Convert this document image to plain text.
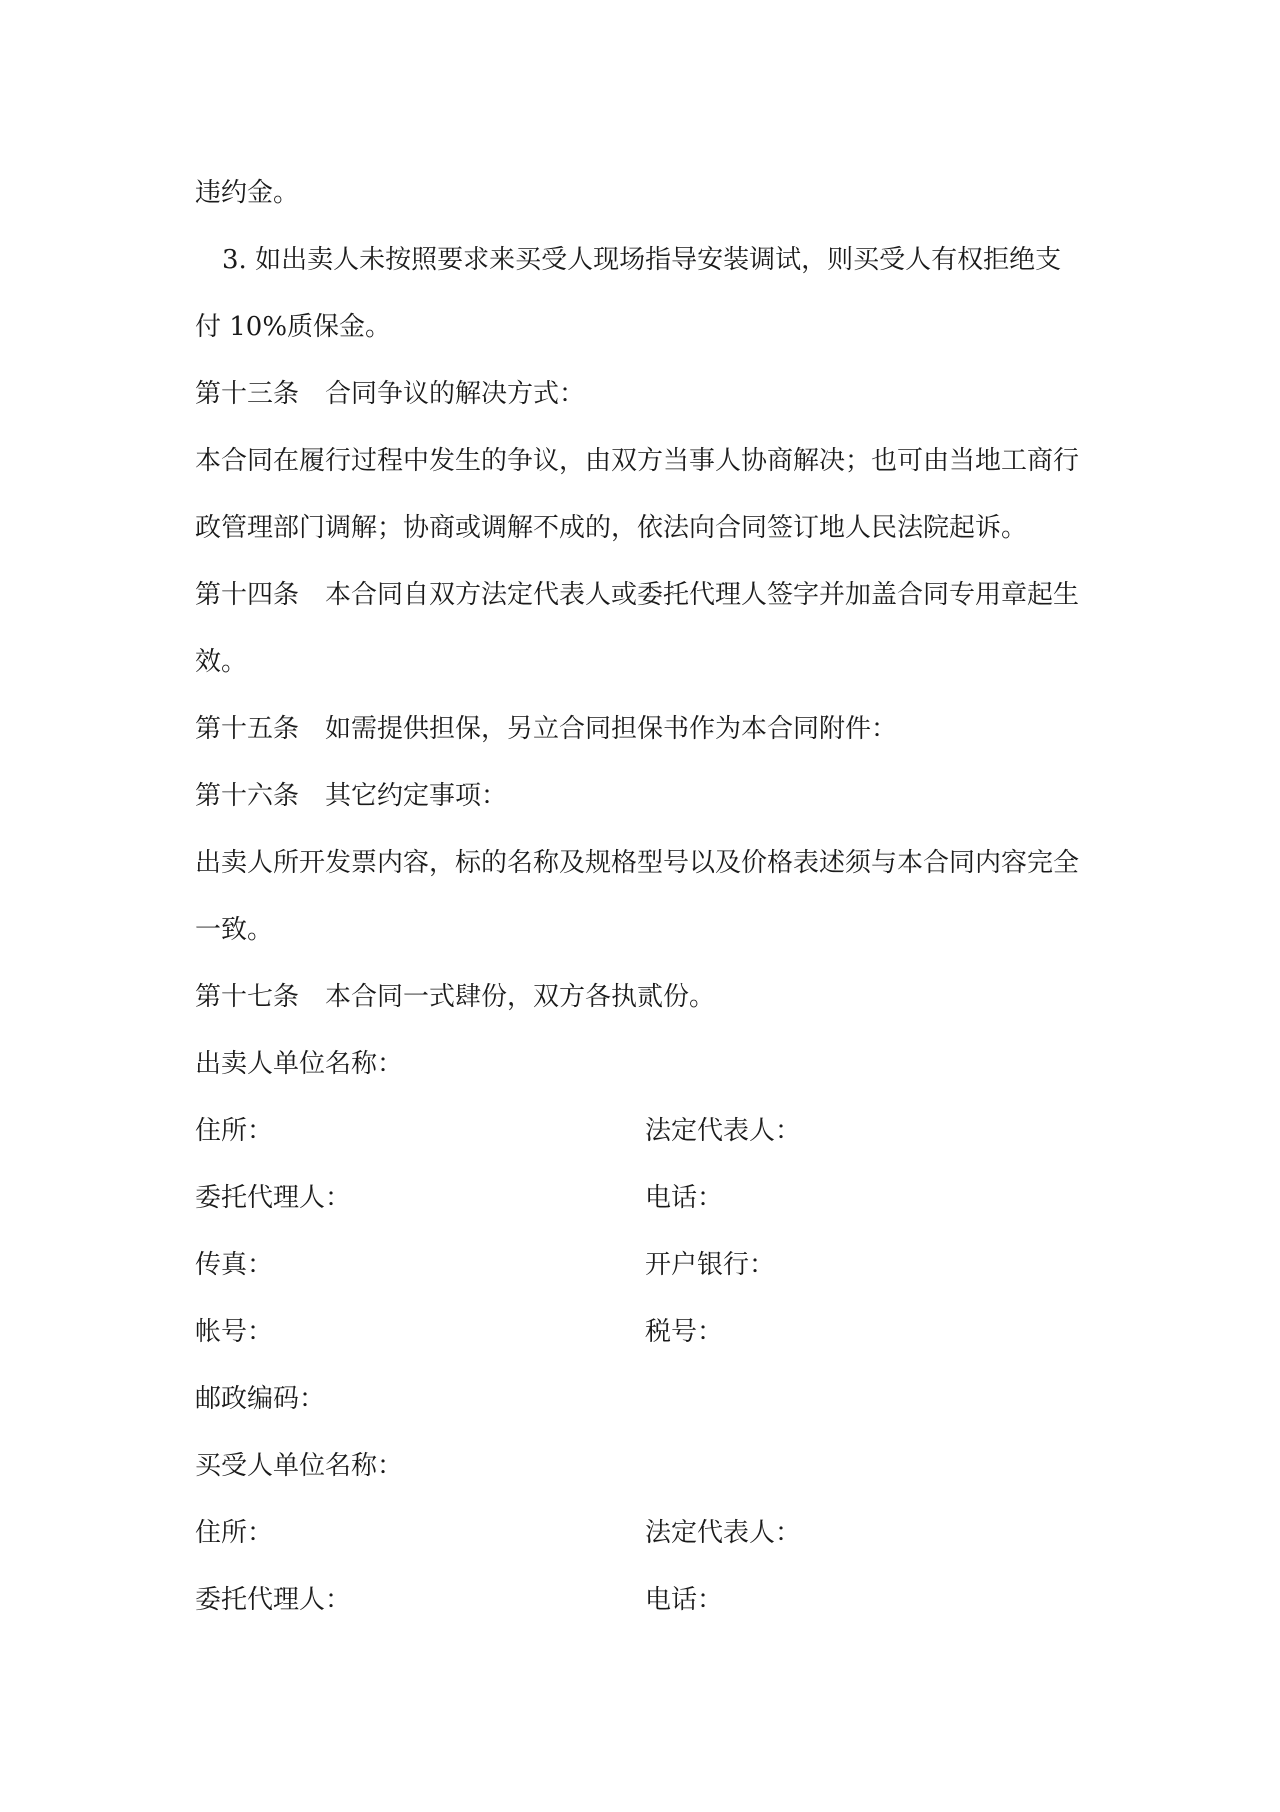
违约金。
3. 如出卖人未按照要求来买受人现场指导安装调试，则买受人有权拒绝支
付 10%质保金。
第十三条　合同争议的解决方式：
本合同在履行过程中发生的争议，由双方当事人协商解决；也可由当地工商行
政管理部门调解；协商或调解不成的，依法向合同签订地人民法院起诉。
第十四条　本合同自双方法定代表人或委托代理人签字并加盖合同专用章起生
效。
第十五条　如需提供担保，另立合同担保书作为本合同附件：
第十六条　其它约定事项：
出卖人所开发票内容，标的名称及规格型号以及价格表述须与本合同内容完全
一致。
第十七条　本合同一式肆份，双方各执贰份。
出卖人单位名称：
住所：	法定代表人：
委托代理人：	电话：
传真：	开户银行：
帐号：	税号：
邮政编码：
买受人单位名称：
住所：	法定代表人：
委托代理人：	电话：
